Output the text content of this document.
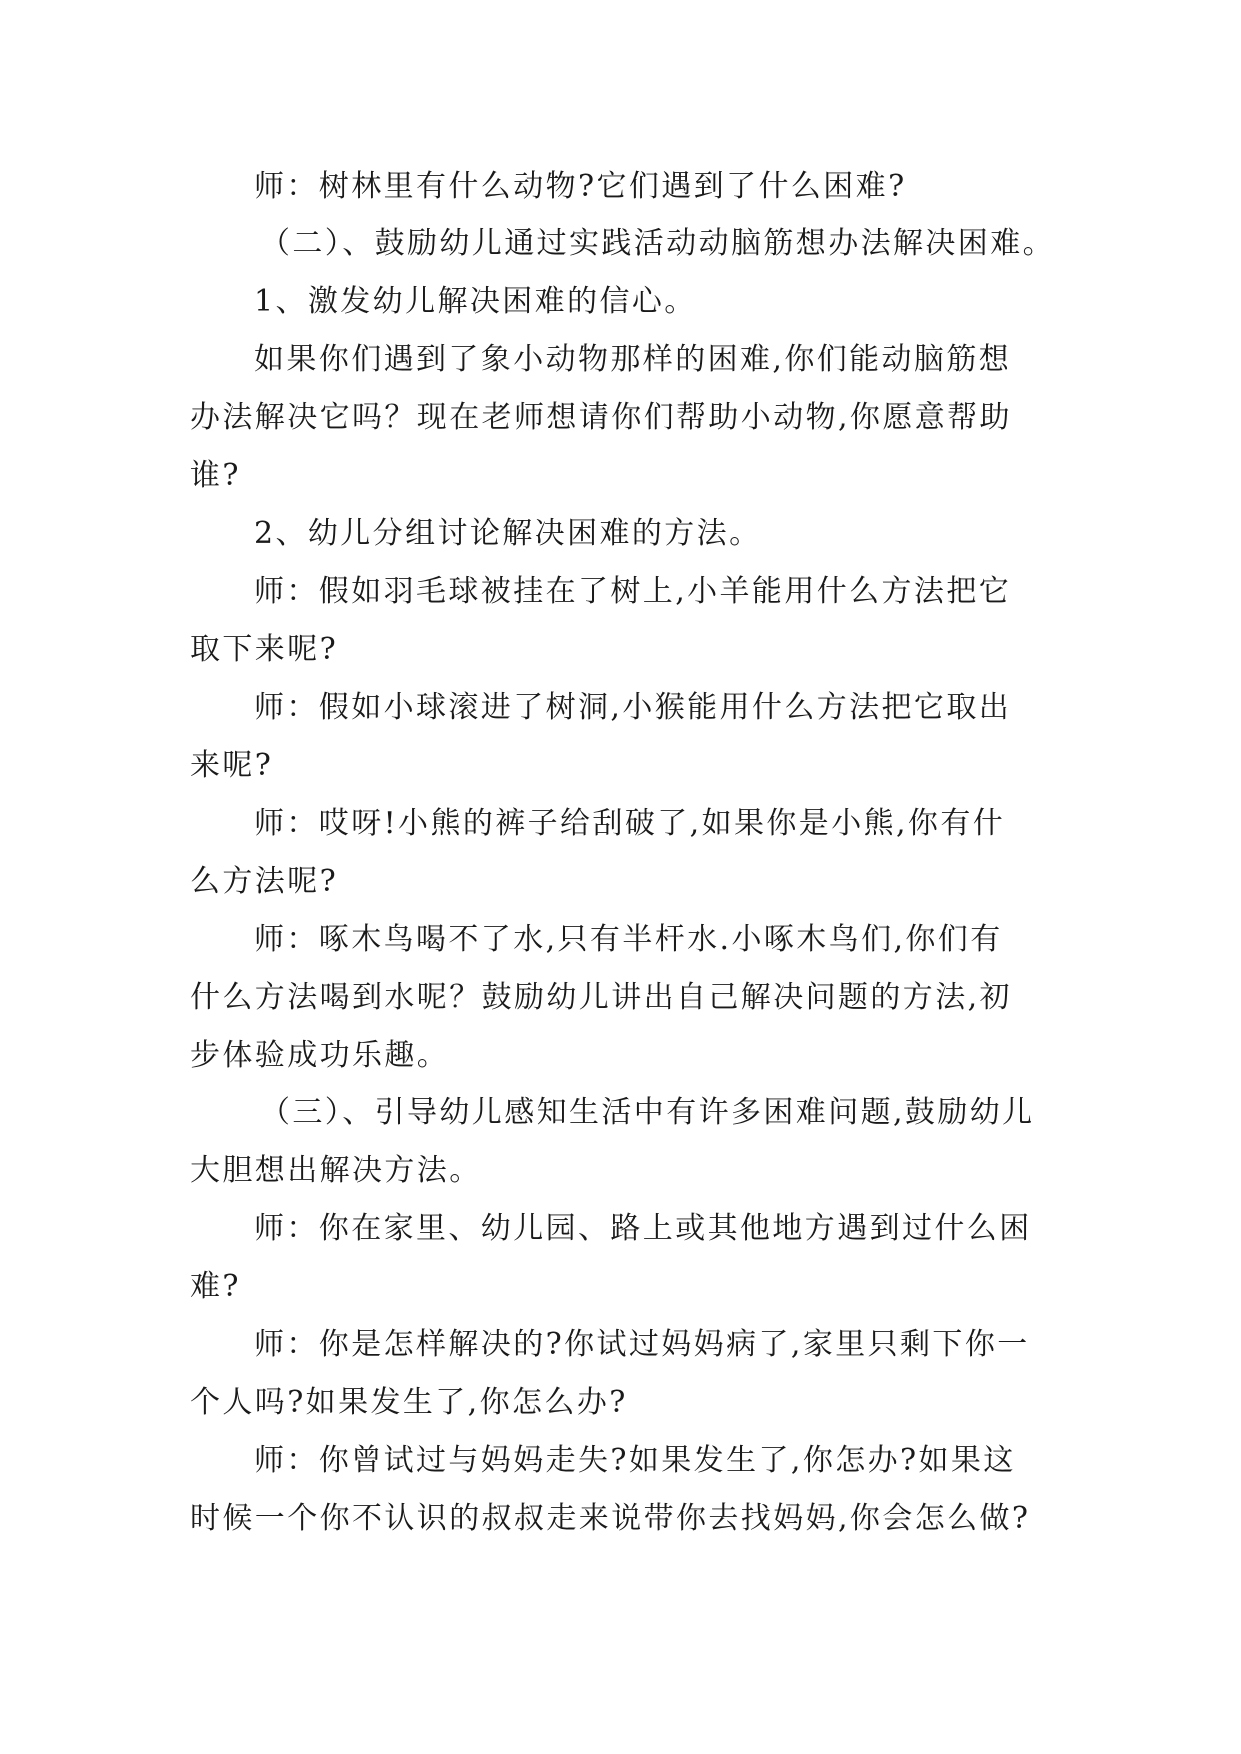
师：树林里有什么动物?它们遇到了什么困难?
（二）、鼓励幼儿通过实践活动动脑筋想办法解决困难。
1、激发幼儿解决困难的信心。
如果你们遇到了象小动物那样的困难,你们能动脑筋想
办法解决它吗？现在老师想请你们帮助小动物,你愿意帮助
谁?
2、幼儿分组讨论解决困难的方法。
师：假如羽毛球被挂在了树上,小羊能用什么方法把它
取下来呢?
师：假如小球滚进了树洞,小猴能用什么方法把它取出
来呢?
师：哎呀!小熊的裤子给刮破了,如果你是小熊,你有什
么方法呢?
师：啄木鸟喝不了水,只有半杆水.小啄木鸟们,你们有
什么方法喝到水呢？鼓励幼儿讲出自己解决问题的方法,初
步体验成功乐趣。
（三）、引导幼儿感知生活中有许多困难问题,鼓励幼儿
大胆想出解决方法。
师：你在家里、幼儿园、路上或其他地方遇到过什么困
难?
师：你是怎样解决的?你试过妈妈病了,家里只剩下你一
个人吗?如果发生了,你怎么办?
师：你曾试过与妈妈走失?如果发生了,你怎办?如果这
时候一个你不认识的叔叔走来说带你去找妈妈,你会怎么做?
